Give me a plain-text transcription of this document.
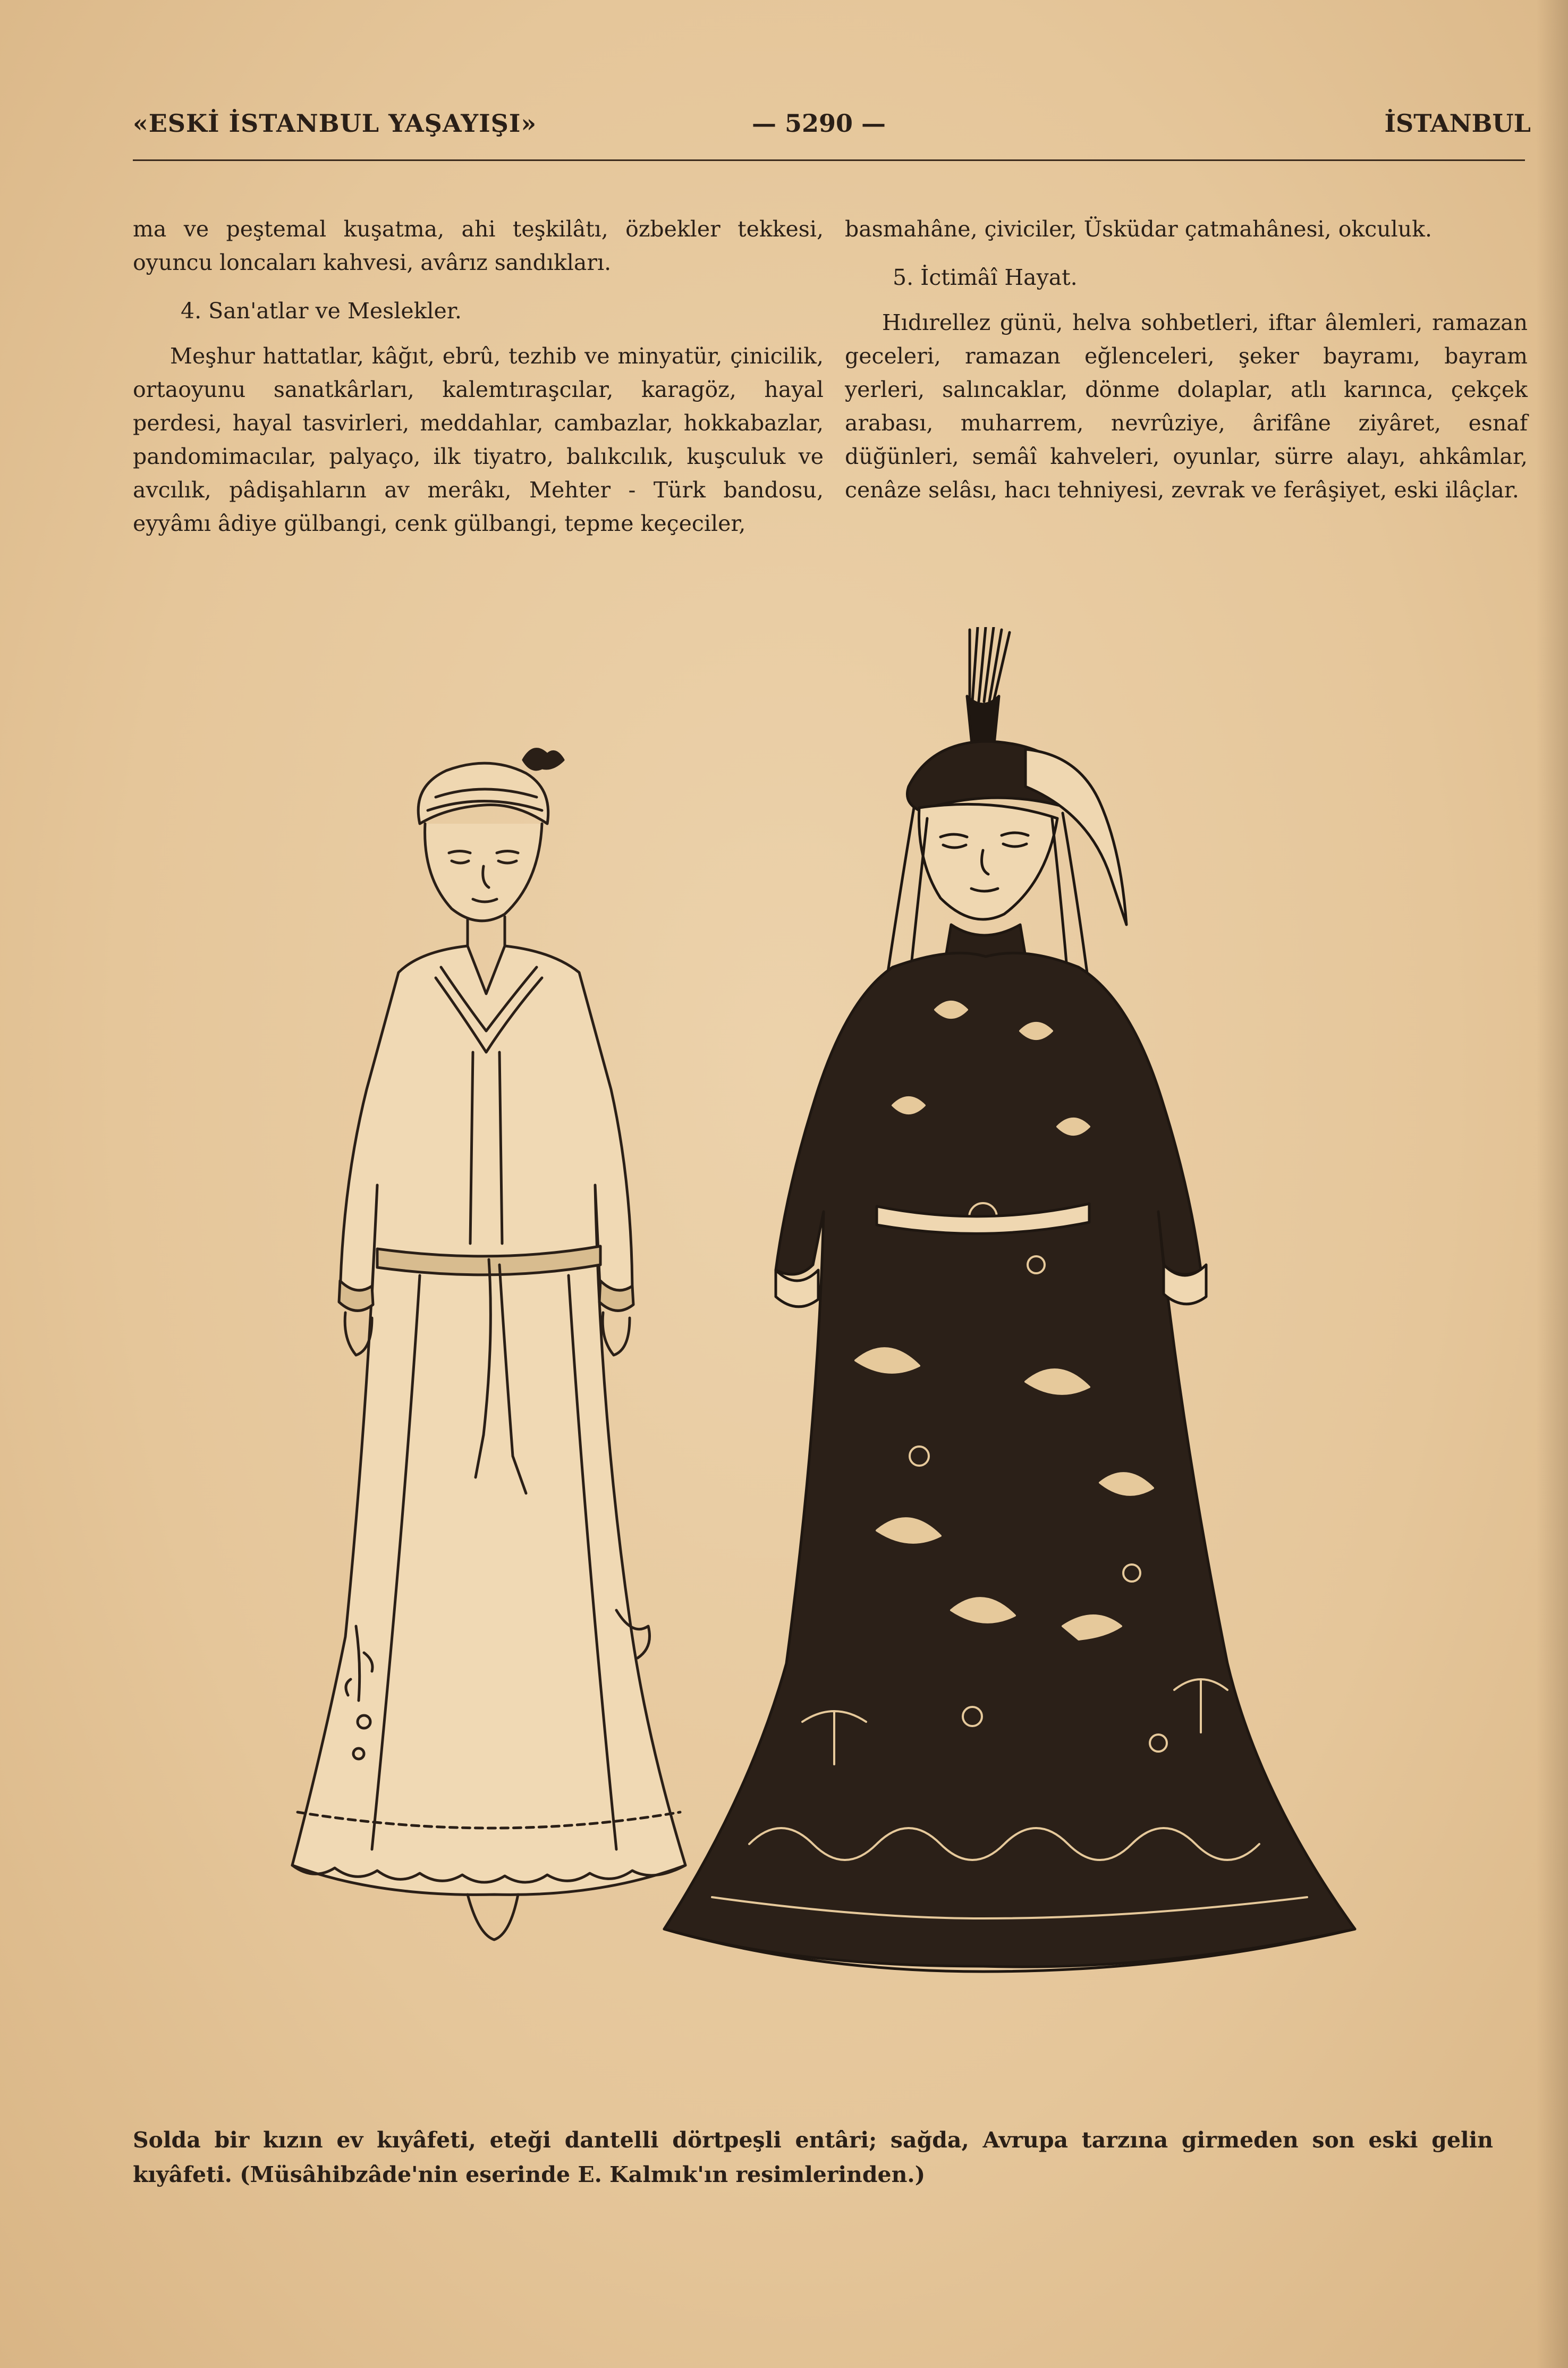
«ESKİ İSTANBUL YAŞAYIŞI»	— 5290 —	İSTANBUL

ma ve peştemal kuşatma, ahi teşkilâtı, özbekler tekkesi, oyuncu loncaları kahvesi, avârız sandıkları.

4. San'atlar ve Meslekler.

Meşhur hattatlar, kâğıt, ebrû, tezhib ve minyatür, çinicilik, ortaoyunu sanatkârları, kalemtıraşcılar, karagöz, hayal perdesi, hayal tasvirleri, meddahlar, cambazlar, hokkabazlar, pandomimacılar, palyaço, ilk tiyatro, balıkcılık, kuşculuk ve avcılık, pâdişahların av merâkı, Mehter - Türk bandosu, eyyâmı âdiye gülbangi, cenk gülbangi, tepme keçeciler,

basmahâne, çiviciler, Üsküdar çatmahânesi, okculuk.

5. İctimâî Hayat.

Hıdırellez günü, helva sohbetleri, iftar âlemleri, ramazan geceleri, ramazan eğlenceleri, şeker bayramı, bayram yerleri, salıncaklar, dönme dolaplar, atlı karınca, çekçek arabası, muharrem, nevrûziye, ârifâne ziyâret, esnaf düğünleri, semâî kahveleri, oyunlar, sürre alayı, ahkâmlar, cenâze selâsı, hacı tehniyesi, zevrak ve ferâşiyet, eski ilâçlar.

Solda bir kızın ev kıyâfeti, eteği dantelli dörtpeşli entâri; sağda, Avrupa tarzına girmeden son eski gelin kıyâfeti. (Müsâhibzâde'nin eserinde E. Kalmık'ın resimlerinden.)
